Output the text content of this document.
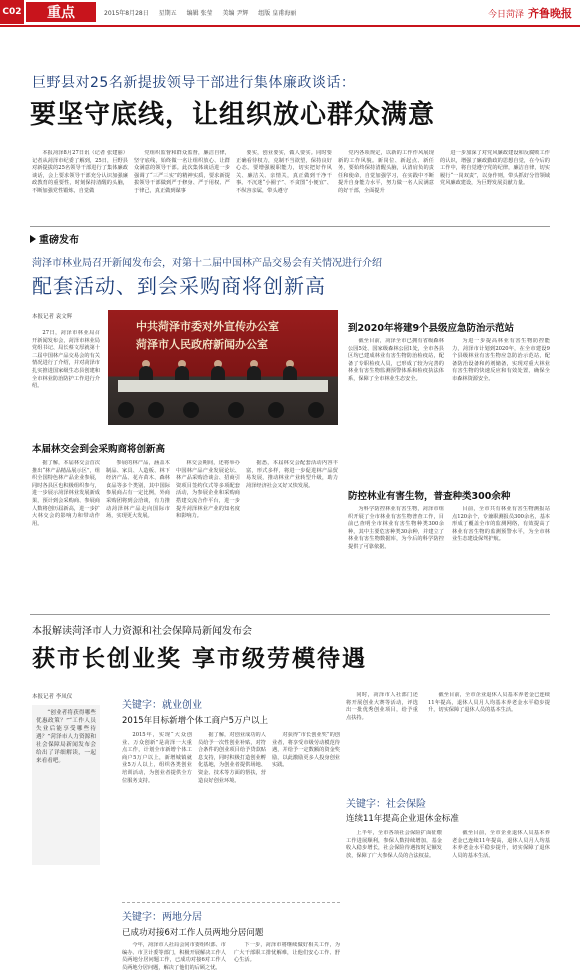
C02	重点	2015年8月28日 星期五 编辑 张莹 美编 尹辉 组版 皇甫海丽	今日菏泽 齐鲁晚报
巨野县对25名新提拔领导干部进行集体廉政谈话：
要坚守底线，让组织放心群众满意

本报菏泽8月27日讯（记者 张建丽）记者从菏泽市纪委了解到，25日，巨野县对新提拔的25名领导干部进行了集体廉政谈话，会上要求领导干部充分认识加强廉政教育的重要性，时刻保持清醒的头脑，不断加强党性锻炼，自觉做

党组织监督和群众监督，廉洁自律，坚守底线，始终做一名让组织放心、让群众满意的领导干部。此次集体谈话进一步强调了“三严三实”的精神实质，要求新提拔领导干部做到严于修身、严于用权、严于律己，真正做到谋事

要实，创业要实，做人要实。同时要正确看待权力，克制不当欲望，保持良好心态。要增强履职能力，切实把好作风关、廉洁关、亲情关，真正做到干净干事。不沉迷“小圈子”、不贪图“小便宜”、不纵容亲属，带头遵守

党内各项规定，以新的工作作风展现新的工作风貌。新岗位、新起点、新任务，要始终保持清醒头脑，认清肩负的责任和使命，自觉加强学习，在实践中不断提升自身能力水平，努力做一名人民满意的好干部，全面提升

进一步加深了对党风廉政建设和反腐败工作的认识，增强了廉政勤政的思想自觉，在今后的工作中，将自觉遵守党的纪律，廉洁自律，切实履行“一岗双责”，以身作则，带头抓好分管领域党风廉政建设，为巨野发展贡献力量。

重磅发布
菏泽市林业局召开新闻发布会，对第十二届中国林产品交易会有关情况进行介绍
配套活动、到会采购商将创新高
本报记者 袁文辉
中共菏泽市委对外宣传办公室
菏泽市人民政府新闻办公室

27日，菏泽市林业局召开新闻发布会，菏泽市林业局党组书记、局长蔡文厚就第十二届中国林产品交易会的有关情况进行了介绍，并对菏泽市扎实推进国家级生态县创建和全市林业防治防护工作进行介绍。

本届林交会到会采购商将创新高

据了解，本届林交会首次推出“林产品精品展示区”，组织全国特色林产品企业参展，同时各县区也积极组织参与，进一步展示菏泽林业发展新成果，预计到会采购商、参展商人数将创历届新高，进一步扩大林交会的影响力和带动作用。

参展的林产品，涵盖木制品、家具、人造板、林下经济产品、花卉苗木、森林食品等多个类别，其中国际参展商占有一定比例，外商采购团将到会洽谈，有力推动菏泽林产品走向国际市场，实现更大发展。

林交会期间，还将举办中国林产品产业发展论坛、林产品采购洽谈会、招商引资项目签约仪式等多项配套活动，为参展企业和采购商搭建交流合作平台，进一步提升菏泽林业产业的知名度和影响力。

据悉，本届林交会配套活动内容丰富，形式多样，将进一步促进林产品贸易发展，推动林业产业转型升级，助力菏泽经济社会又好又快发展。

到2020年将建9个县级应急防治示范站

截至目前，菏泽全市已拥有省级森林公园5处、国家级森林公园1处，全市各县区均已建成林业有害生物防治检疫站，配备了专职检疫人员，已形成了较为完善的林业有害生物监测预警体系和检疫执法体系，保障了全市林业生态安全。

为进一步提高林业有害生物防控能力，菏泽市计划到2020年，在全市建设9个县级林业有害生物应急防治示范站，配备防治设备和药剂储备，实现对重大林业有害生物的快速反应和有效处置，确保全市森林资源安全。

防控林业有害生物，普查种类300余种

为科学防控林业有害生物，菏泽市组织开展了全市林业有害生物普查工作，目前已查明全市林业有害生物种类300余种，其中主要危害种类30余种，并建立了林业有害生物数据库，为今后的科学防控提供了可靠依据。

目前，全市共有林业有害生物测报站点120余个，专兼职测报员300余名，基本形成了覆盖全市的监测网络，有效提高了林业有害生物的监测预警水平，为全市林业生态建设保驾护航。

本报解读菏泽市人力资源和社会保障局新闻发布会
获市长创业奖 享市级劳模待遇
本报记者 李凤仪

“创业者将获得哪些优惠政策？”“工作人员失业后能享受哪些待遇？”菏泽市人力资源和社会保障局新闻发布会给出了详细解读，一起来看看吧。

关键字：就业创业
2015年目标新增个体工商户5万户以上

2015年，实现“大众创业、万众创新”是菏泽一大重点工作，计划全市新增个体工商户5万户以上，新增城镇就业5万人以上，组织各类创业培训活动，为创业者提供全方位服务支持。

据了解，对创业成功的人员给予一次性创业补贴，对符合条件的创业项目给予贷款贴息支持，同时积极打造创业孵化基地，为创业者提供场地、资金、技术等方面的帮扶，营造良好创业环境。

对获得“市长创业奖”的创业者，将享受市级劳动模范待遇，并给予一定数额的资金奖励，以此激励更多人投身创业实践。

同时，菏泽市人社部门还将开展创业大赛等活动，评选出一批优秀创业项目，给予重点扶持。

关键字：社会保险
连续11年提高企业退休金标准

上半年，全市各项社会保险扩面征缴工作进展顺利，参保人数持续增加，基金收入稳步增长，社会保险待遇按时足额发放，保障了广大参保人员的合法权益。

截至目前，全市企业退休人员基本养老金已连续11年提高，退休人员月人均基本养老金水平稳步提升，切实保障了退休人员的基本生活。

截至目前，全市企业退休人员基本养老金已连续11年提高，退休人员月人均基本养老金水平稳步提升，切实保障了退休人员的基本生活。

关键字：两地分居
已成功对接6对工作人员两地分居问题

今年，菏泽市人社局会同市委组织部、市编办、市卫计委等部门，积极开展解决工作人员两地分居问题工作，已成功对接6对工作人员两地分居问题，解决了他们的后顾之忧。

下一步，菏泽市将继续做好相关工作，为广大干部职工排忧解难，让他们安心工作、舒心生活。
